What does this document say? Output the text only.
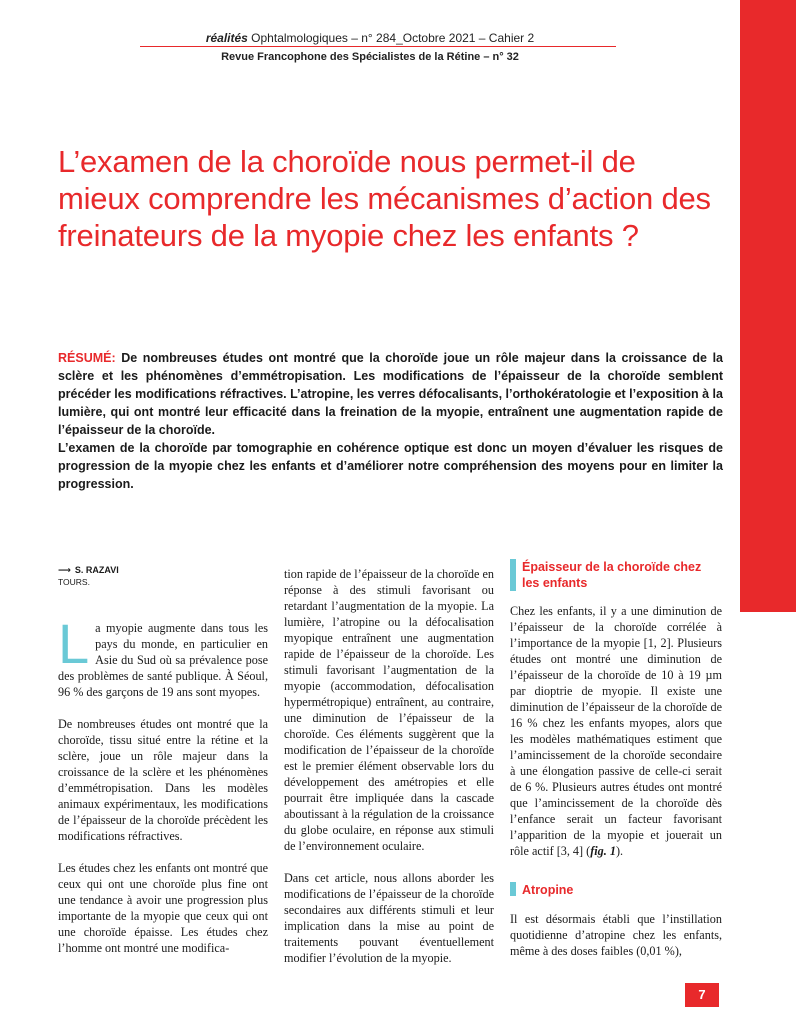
réalités Ophtalmologiques – n° 284_Octobre 2021 – Cahier 2
Revue Francophone des Spécialistes de la Rétine – n° 32
L’examen de la choroïde nous permet-il de mieux comprendre les mécanismes d’action des freinateurs de la myopie chez les enfants ?

RÉSUMÉ: De nombreuses études ont montré que la choroïde joue un rôle majeur dans la croissance de la sclère et les phénomènes d’emmétropisation. Les modifications de l’épaisseur de la choroïde semblent précéder les modifications réfractives. L’atropine, les verres défocalisants, l’orthokératologie et l’exposition à la lumière, qui ont montré leur efficacité dans la freination de la myopie, entraînent une augmentation rapide de l’épaisseur de la choroïde.

L’examen de la choroïde par tomographie en cohérence optique est donc un moyen d’évaluer les risques de progression de la myopie chez les enfants et d’améliorer notre compréhension des moyens pour en limiter la progression.

⟶ S. RAZAVI
TOURS.

La myopie augmente dans tous les pays du monde, en particulier en Asie du Sud où sa prévalence pose des problèmes de santé publique. À Séoul, 96 % des garçons de 19 ans sont myopes.

De nombreuses études ont montré que la choroïde, tissu situé entre la rétine et la sclère, joue un rôle majeur dans la croissance de la sclère et les phénomènes d’emmétropisation. Dans les modèles animaux expérimentaux, les modifications de l’épaisseur de la choroïde précèdent les modifications réfractives.

Les études chez les enfants ont montré que ceux qui ont une choroïde plus fine ont une tendance à avoir une progression plus importante de la myopie que ceux qui ont une choroïde épaisse. Les études chez l’homme ont montré une modifica-

tion rapide de l’épaisseur de la choroïde en réponse à des stimuli favorisant ou retardant l’augmentation de la myopie. La lumière, l’atropine ou la défocalisation myopique entraînent une augmentation rapide de l’épaisseur de la choroïde. Les stimuli favorisant l’augmentation de la myopie (accommodation, défocalisation hypermétropique) entraînent, au contraire, une diminution de l’épaisseur de la choroïde. Ces éléments suggèrent que la modification de l’épaisseur de la choroïde est le premier élément observable lors du développement des amétropies et elle pourrait être impliquée dans la cascade aboutissant à la régulation de la croissance du globe oculaire, en réponse aux stimuli de l’environnement oculaire.

Dans cet article, nous allons aborder les modifications de l’épaisseur de la choroïde secondaires aux différents stimuli et leur implication dans la mise au point de traitements pouvant éventuellement modifier l’évolution de la myopie.

Épaisseur de la choroïde chez les enfants

Chez les enfants, il y a une diminution de l’épaisseur de la choroïde corrélée à l’importance de la myopie [1, 2]. Plusieurs études ont montré une diminution de l’épaisseur de la choroïde de 10 à 19 µm par dioptrie de myopie. Il existe une diminution de l’épaisseur de la choroïde de 16 % chez les enfants myopes, alors que les modèles mathématiques estiment que l’amincissement de la choroïde secondaire à une élongation passive de celle-ci serait de 6 %. Plusieurs autres études ont montré que l’amincissement de la choroïde dès l’enfance serait un facteur favorisant l’apparition de la myopie et jouerait un rôle actif [3, 4] (fig. 1).

Atropine

Il est désormais établi que l’instillation quotidienne d’atropine chez les enfants, même à des doses faibles (0,01 %),

7
